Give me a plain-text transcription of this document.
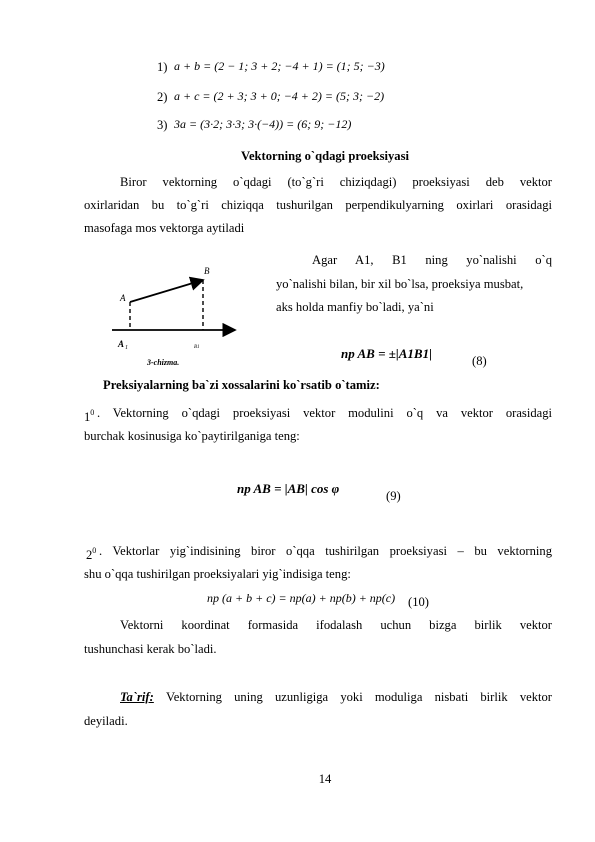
1) a + b = (2 − 1; 3 + 2; −4 + 1) = (1; 5; −3)
2) a + c = (2 + 3; 3 + 0; −4 + 2) = (5; 3; −2)
3) 3a = (3·2; 3·3; 3·(−4)) = (6; 9; −12)
Vektorning o`qdagi proeksiyasi
Biror vektorning o`qdagi (to`g`ri chiziqdagi) proeksiyasi deb vektor
oxirlaridan bu to`g`ri chiziqqa tushurilgan perpendikulyarning oxirlari orasidagi
masofaga mos vektorga aytiladi
A
B
A 1	B1
3-chizma.
Agar A1, B1 ning yo`nalishi o`q
yo`nalishi bilan, bir xil bo`lsa, proeksiya musbat,
aks holda manfiy bo`ladi, ya`ni
np AB = ±|A1B1|	(8)
Preksiyalarning ba`zi xossalarini ko`rsatib o`tamiz:
$1^0$ . Vektorning o`qdagi proeksiyasi vektor modulini o`q va vektor orasidagi
burchak kosinusiga ko`paytirilganiga teng:
np AB = |AB| cos φ	(9)
$2^0$ . Vektorlar yig`indisining biror o`qqa tushirilgan proeksiyasi – bu vektorning
shu o`qqa tushirilgan proeksiyalari yig`indisiga teng:
np (a + b + c) = np(a) + np(b) + np(c) (10)
Vektorni koordinat formasida ifodalash uchun bizga birlik vektor
tushunchasi kerak bo`ladi.
Ta`rif: Vektorning uning uzunligiga yoki moduliga nisbati birlik vektor
deyiladi.
14
